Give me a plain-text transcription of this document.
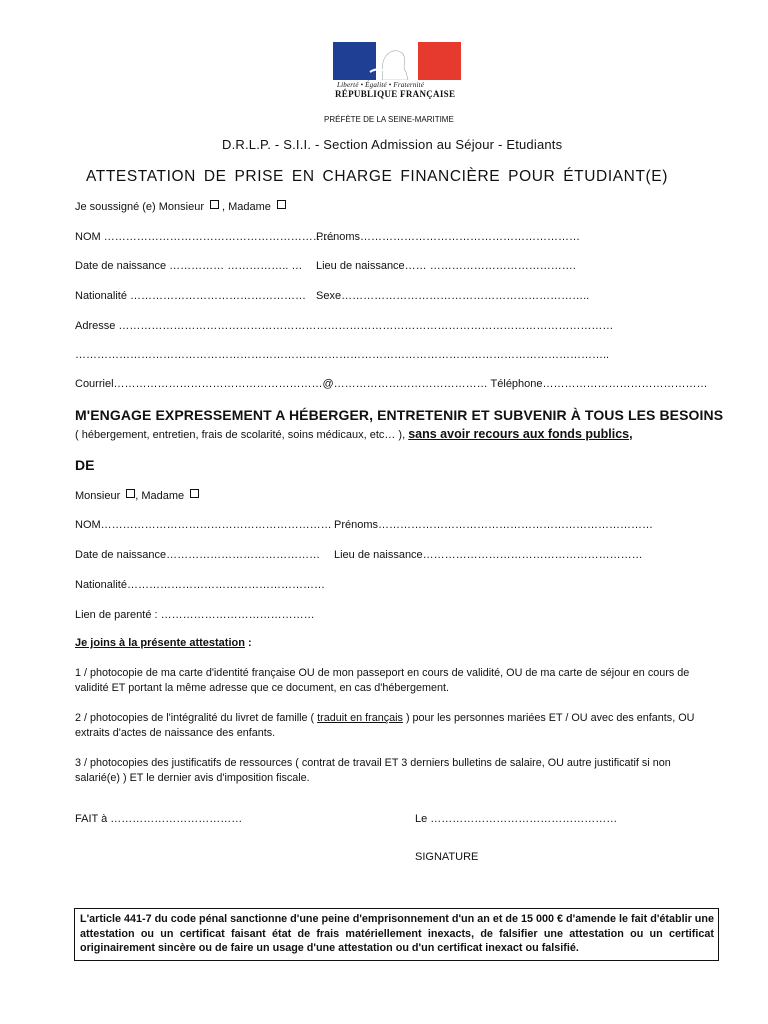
Liberté • Égalité • Fraternité
RÉPUBLIQUE FRANÇAISE
PRÉFÈTE DE LA SEINE-MARITIME
D.R.L.P. - S.I.I. - Section Admission au Séjour - Etudiants
ATTESTATION DE PRISE EN CHARGE FINANCIÈRE POUR ÉTUDIANT(E)
Je soussigné (e) Monsieur , Madame
NOM ………………………………………………………
Prénoms……………………………………………………
Date de naissance …………… …………….. … Lieu de naissance…… ………………………………….
Nationalité ………………………………………… Sexe…………………………………………………………..
Adresse ………………………………………………………………………………………………………………………
………………………………………………………………………………………………………………………………..
Courriel…………………………………………………@…………………………………… Téléphone………………………………………
M'ENGAGE EXPRESSEMENT A HÉBERGER, ENTRETENIR ET SUBVENIR À TOUS LES BESOINS
( hébergement, entretien, frais de scolarité, soins médicaux, etc… ), sans avoir recours aux fonds publics,
DE
Monsieur , Madame
NOM……………………………………………………… Prénoms…………………………………………………………………
Date de naissance…………………………………… Lieu de naissance……………………………………………………
Nationalité………………………………………………
Lien de parenté : ……………………………………
Je joins à la présente attestation :
1 / photocopie de ma carte d'identité française OU de mon passeport en cours de validité, OU de ma carte de séjour en cours de validité ET portant la même adresse que ce document, en cas d'hébergement.
2 / photocopies de l'intégralité du livret de famille ( traduit en français ) pour les personnes mariées ET / OU avec des enfants, OU extraits d'actes de naissance des enfants.
3 / photocopies des justificatifs de ressources ( contrat de travail ET 3 derniers bulletins de salaire, OU autre justificatif si non salarié(e) ) ET le dernier avis d'imposition fiscale.
FAIT à ………………………………	Le ……………………………………………
SIGNATURE
L'article 441-7 du code pénal sanctionne d'une peine d'emprisonnement d'un an et de 15 000 € d'amende le fait d'établir une attestation ou un certificat faisant état de frais matériellement inexacts, de falsifier une attestation ou un certificat originairement sincère ou de faire un usage d'une attestation ou d'un certificat inexact ou falsifié.
